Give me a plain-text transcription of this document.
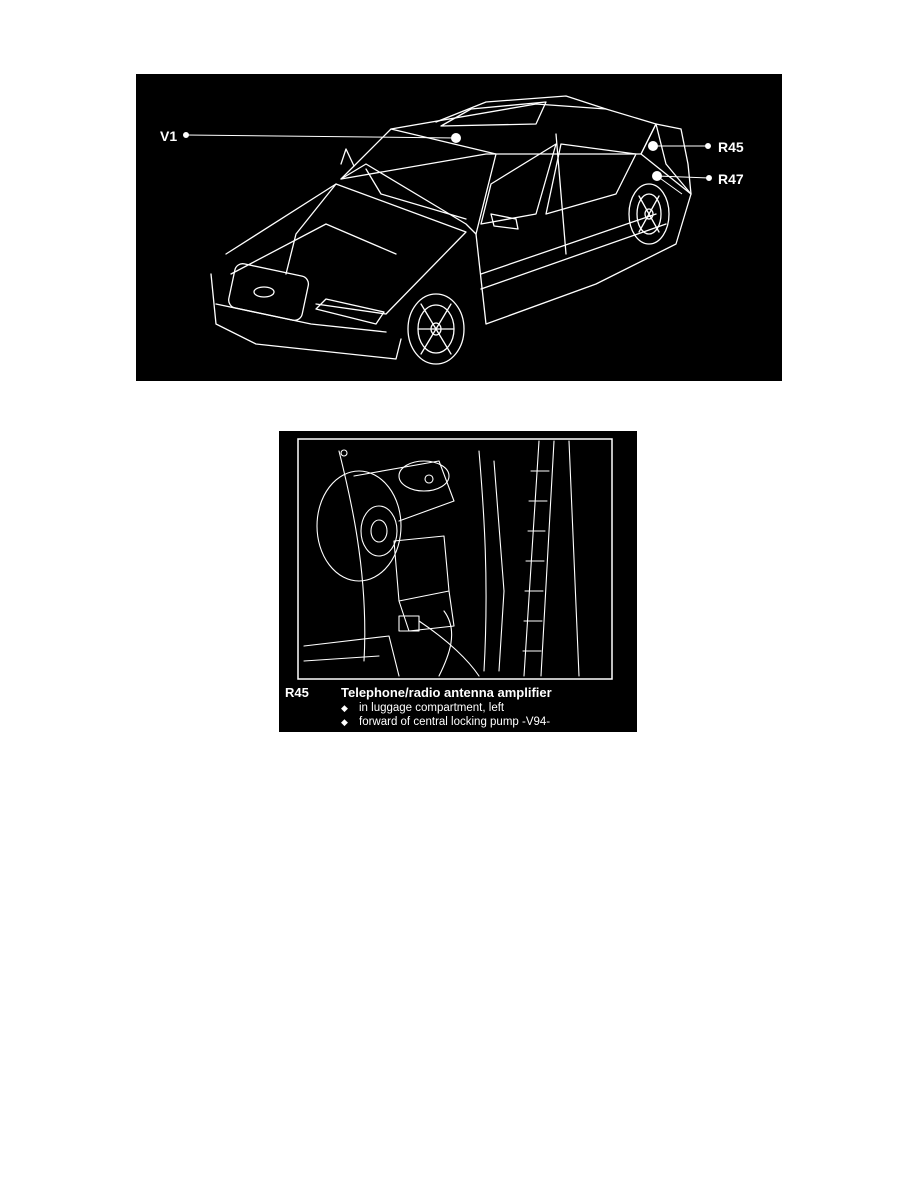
V1
R45
R47
R45 Telephone/radio antenna amplifier
◆ in luggage compartment, left
◆ forward of central locking pump -V94-
